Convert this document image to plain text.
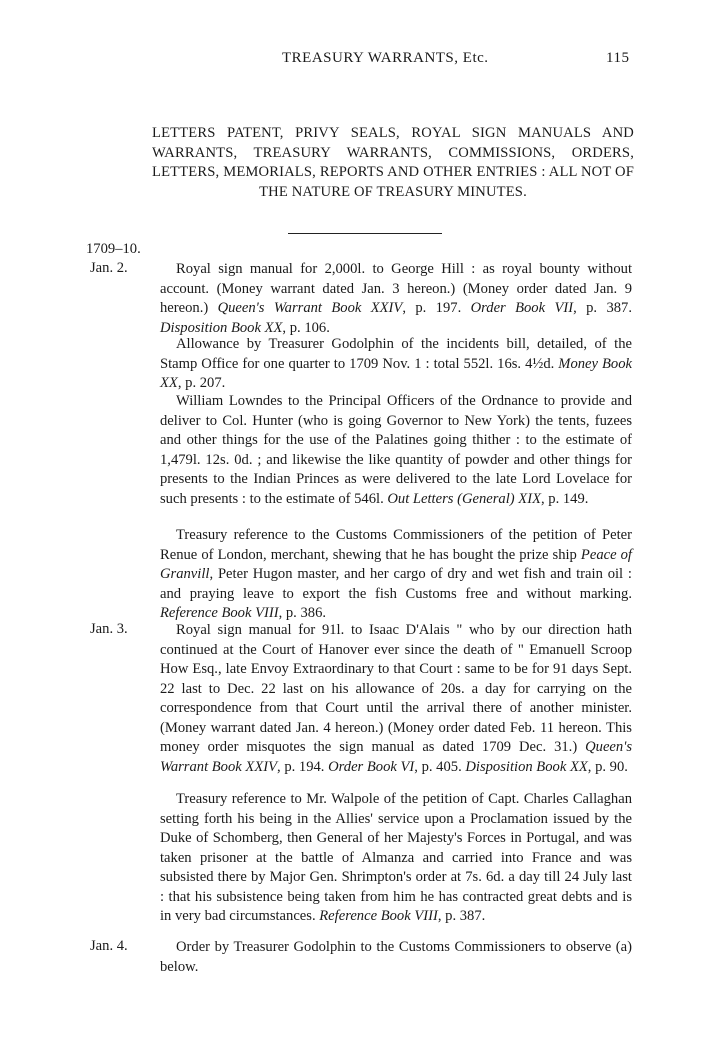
TREASURY WARRANTS, Etc.	115
LETTERS PATENT, PRIVY SEALS, ROYAL SIGN MANUALS AND WARRANTS, TREASURY WARRANTS, COMMISSIONS, ORDERS, LETTERS, MEMORIALS, REPORTS AND OTHER ENTRIES : ALL NOT OF THE NATURE OF TREASURY MINUTES.
1709–10.
Jan. 2.
Jan. 3.
Jan. 4.

Royal sign manual for 2,000l. to George Hill : as royal bounty without account. (Money warrant dated Jan. 3 hereon.) (Money order dated Jan. 9 hereon.) Queen's Warrant Book XXIV, p. 197. Order Book VII, p. 387. Disposition Book XX, p. 106.

Allowance by Treasurer Godolphin of the incidents bill, detailed, of the Stamp Office for one quarter to 1709 Nov. 1 : total 552l. 16s. 4½d. Money Book XX, p. 207.

William Lowndes to the Principal Officers of the Ordnance to provide and deliver to Col. Hunter (who is going Governor to New York) the tents, fuzees and other things for the use of the Palatines going thither : to the estimate of 1,479l. 12s. 0d. ; and likewise the like quantity of powder and other things for presents to the Indian Princes as were delivered to the late Lord Lovelace for such presents : to the estimate of 546l. Out Letters (General) XIX, p. 149.

Treasury reference to the Customs Commissioners of the petition of Peter Renue of London, merchant, shewing that he has bought the prize ship Peace of Granvill, Peter Hugon master, and her cargo of dry and wet fish and train oil : and praying leave to export the fish Customs free and without marking. Reference Book VIII, p. 386.

Royal sign manual for 91l. to Isaac D'Alais " who by our direction hath continued at the Court of Hanover ever since the death of " Emanuell Scroop How Esq., late Envoy Extraordinary to that Court : same to be for 91 days Sept. 22 last to Dec. 22 last on his allowance of 20s. a day for carrying on the correspondence from that Court until the arrival there of another minister. (Money warrant dated Jan. 4 hereon.) (Money order dated Feb. 11 hereon. This money order misquotes the sign manual as dated 1709 Dec. 31.) Queen's Warrant Book XXIV, p. 194. Order Book VI, p. 405. Disposition Book XX, p. 90.

Treasury reference to Mr. Walpole of the petition of Capt. Charles Callaghan setting forth his being in the Allies' service upon a Proclamation issued by the Duke of Schomberg, then General of her Majesty's Forces in Portugal, and was taken prisoner at the battle of Almanza and carried into France and was subsisted there by Major Gen. Shrimpton's order at 7s. 6d. a day till 24 July last : that his subsistence being taken from him he has contracted great debts and is in very bad circumstances. Reference Book VIII, p. 387.

Order by Treasurer Godolphin to the Customs Commissioners to observe (a) below.
